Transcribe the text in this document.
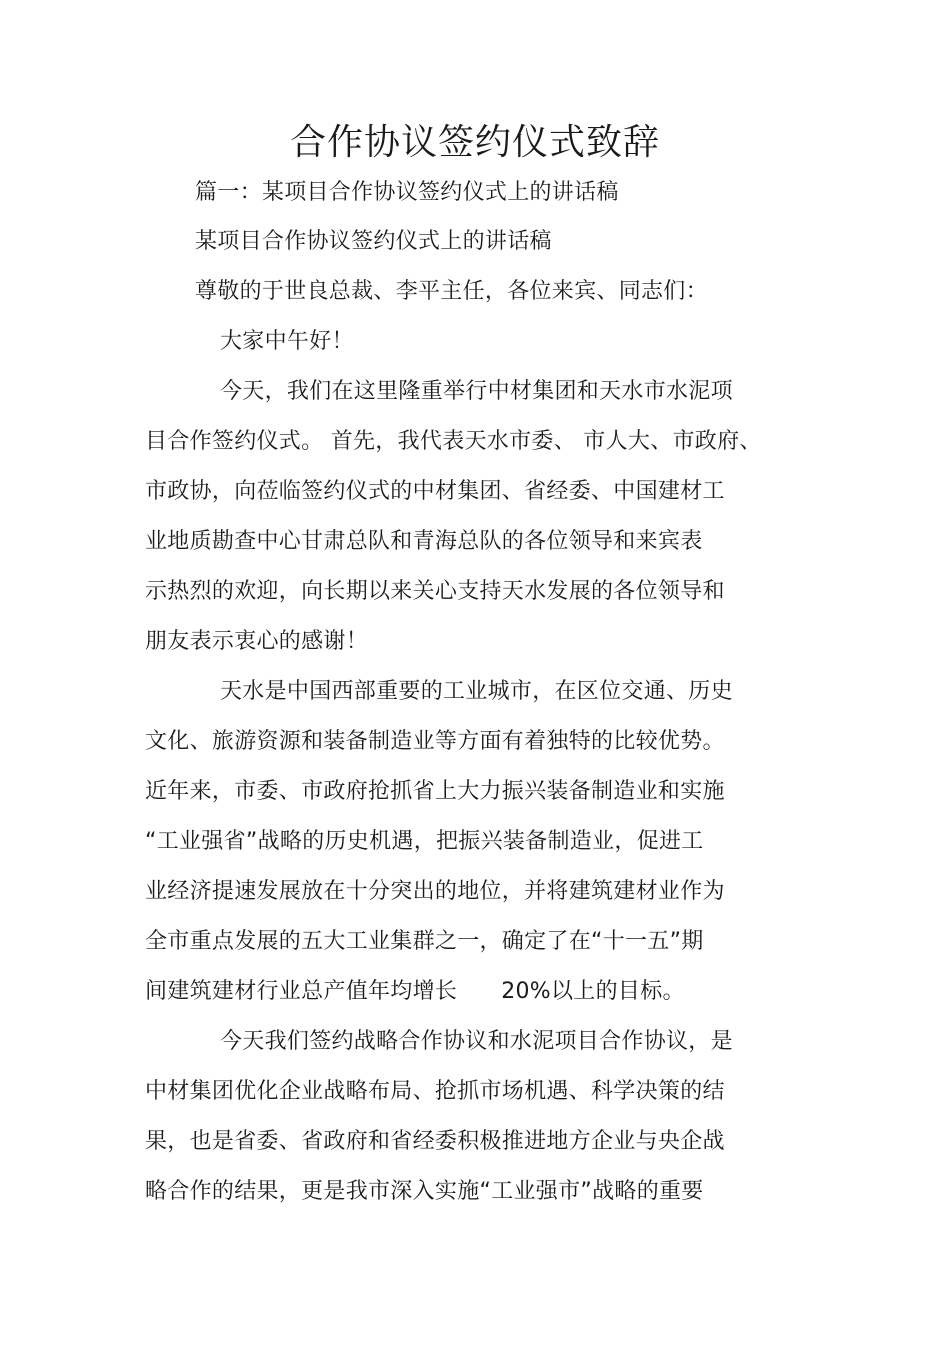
合作协议签约仪式致辞
篇一：某项目合作协议签约仪式上的讲话稿
某项目合作协议签约仪式上的讲话稿
尊敬的于世良总裁、李平主任，各位来宾、同志们：
大家中午好！
今天，我们在这里隆重举行中材集团和天水市水泥项
目合作签约仪式。 首先，我代表天水市委、 市人大、市政府、
市政协，向莅临签约仪式的中材集团、省经委、中国建材工
业地质勘查中心甘肃总队和青海总队的各位领导和来宾表
示热烈的欢迎，向长期以来关心支持天水发展的各位领导和
朋友表示衷心的感谢！
天水是中国西部重要的工业城市，在区位交通、历史
文化、旅游资源和装备制造业等方面有着独特的比较优势。
近年来，市委、市政府抢抓省上大力振兴装备制造业和实施
“工业强省”战略的历史机遇，把振兴装备制造业，促进工
业经济提速发展放在十分突出的地位，并将建筑建材业作为
全市重点发展的五大工业集群之一，确定了在“十一五”期
间建筑建材行业总产值年均增长 20%以上的目标。
今天我们签约战略合作协议和水泥项目合作协议，是
中材集团优化企业战略布局、抢抓市场机遇、科学决策的结
果，也是省委、省政府和省经委积极推进地方企业与央企战
略合作的结果，更是我市深入实施“工业强市”战略的重要
